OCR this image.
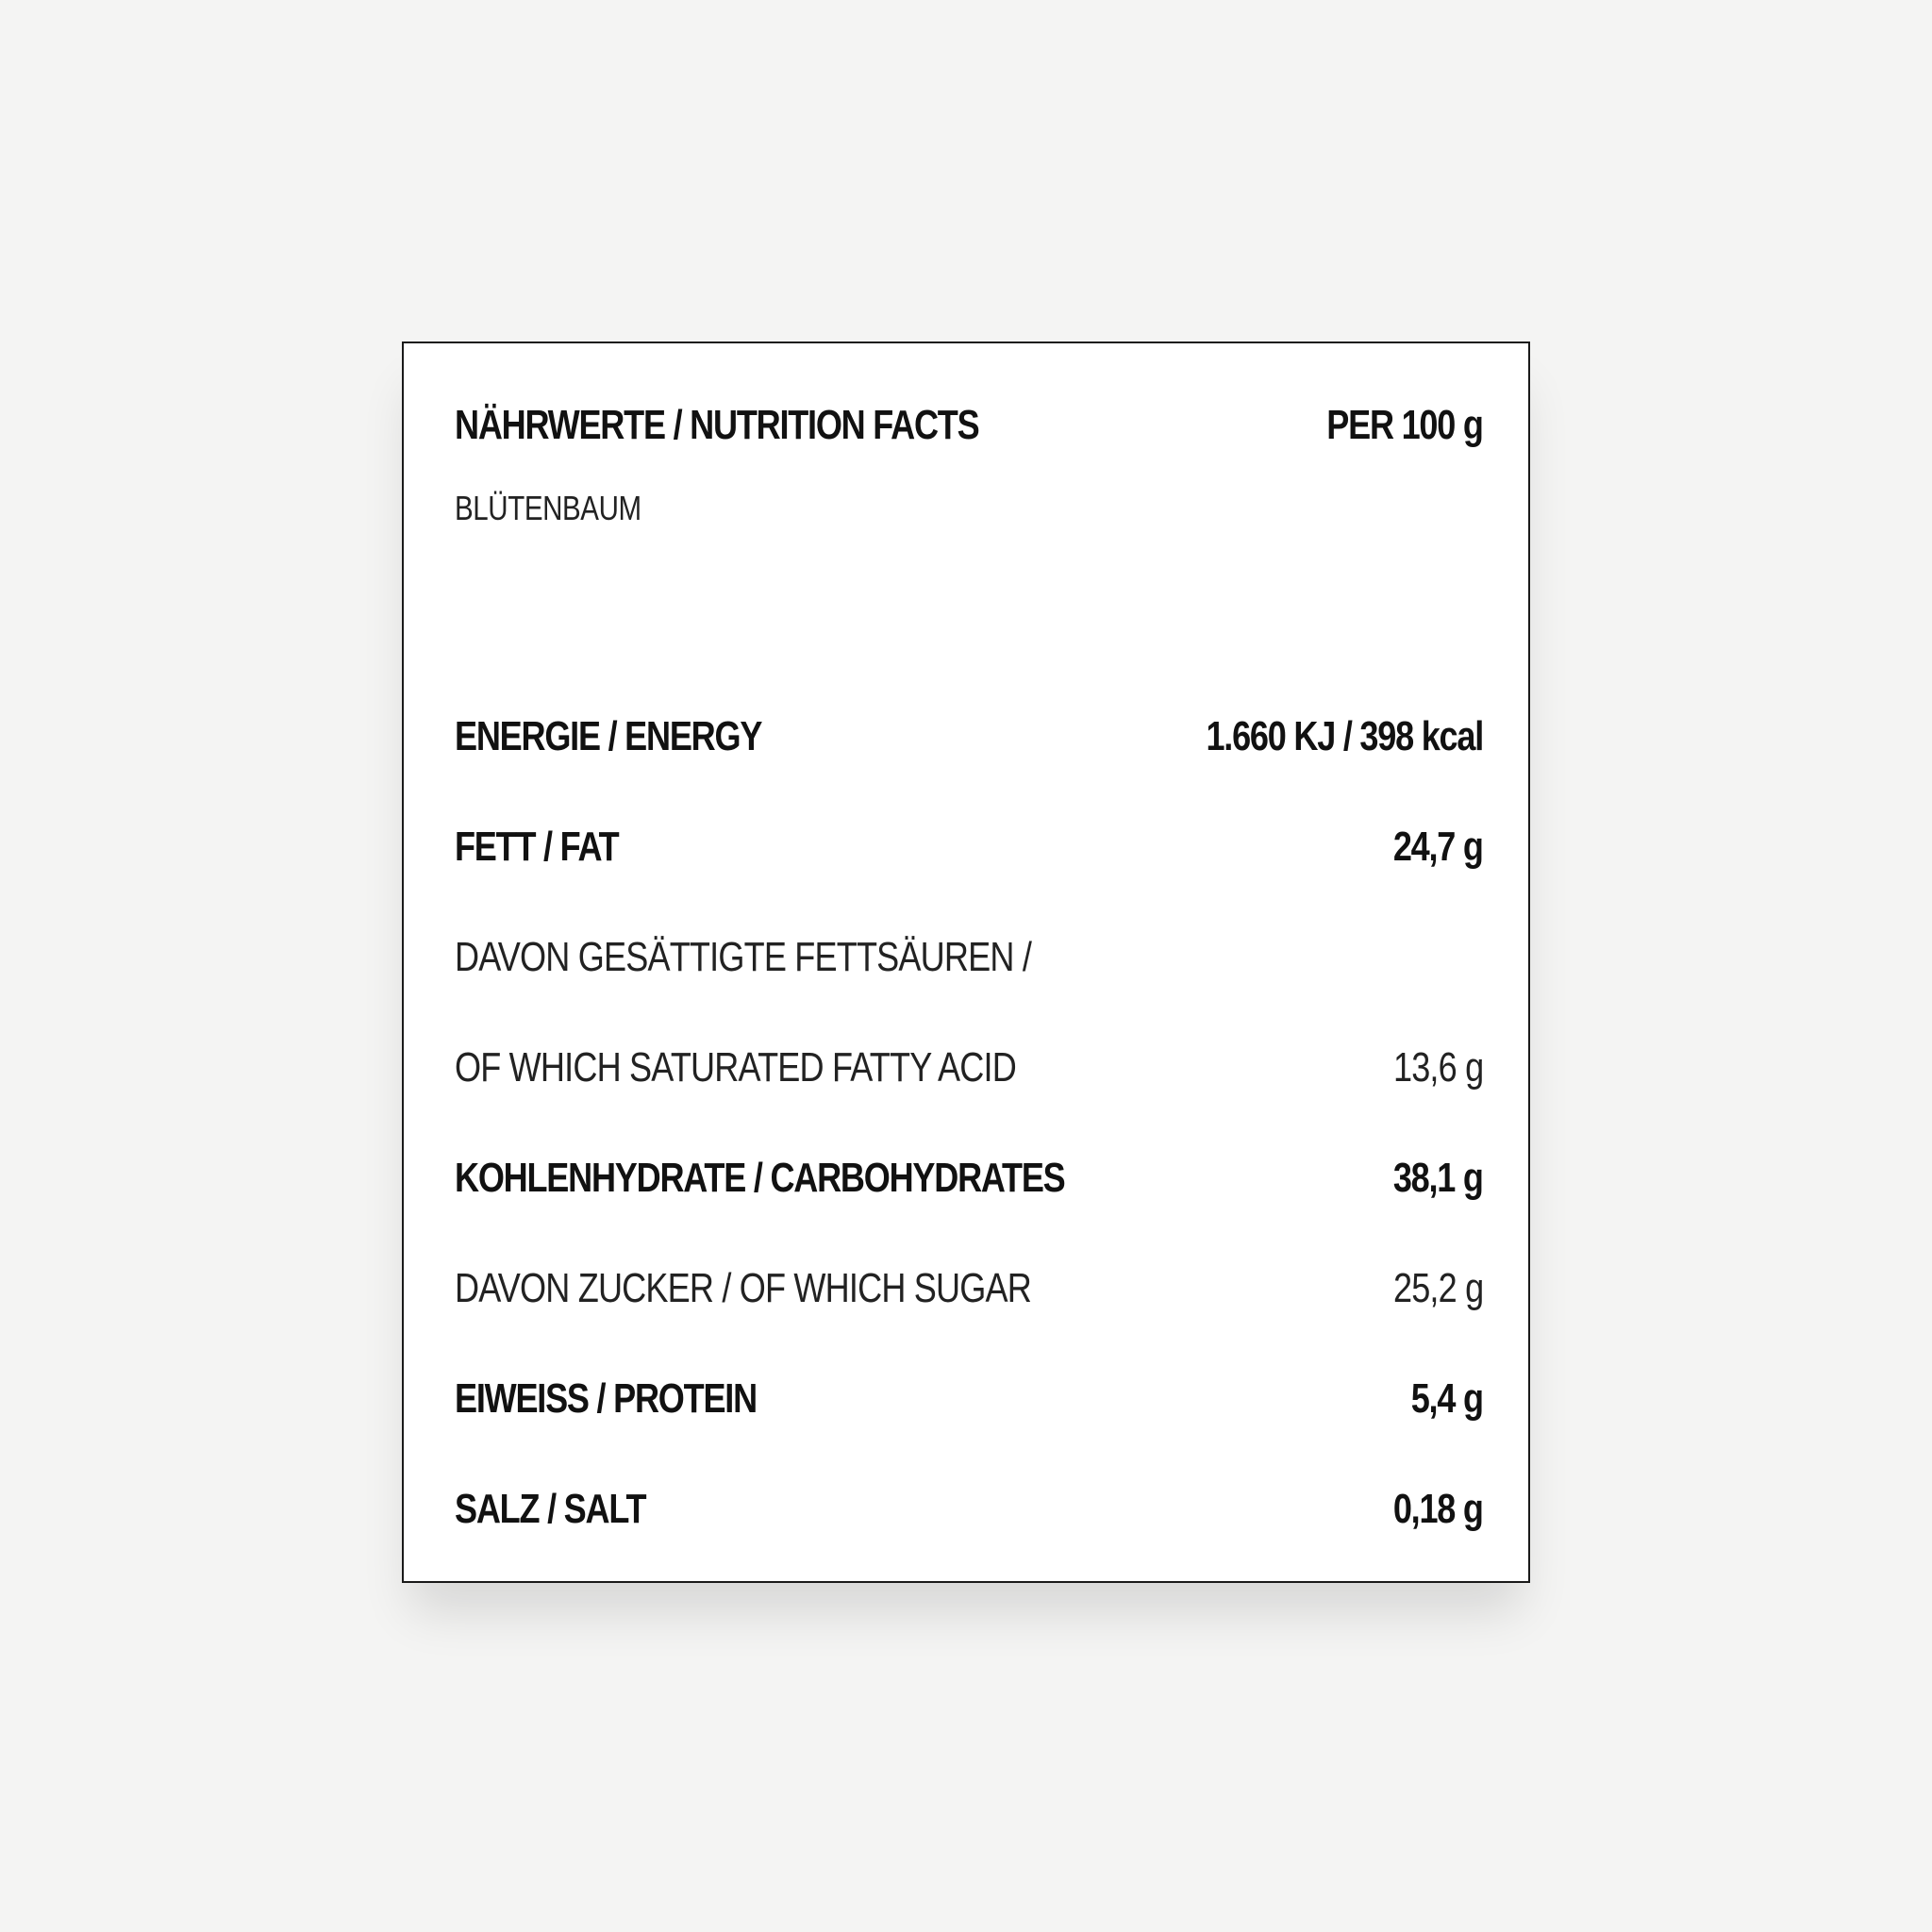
NÄHRWERTE / NUTRITION FACTS	PER 100 g
BLÜTENBAUM
ENERGIE / ENERGY	1.660 KJ / 398 kcal
FETT / FAT	24,7 g
DAVON GESÄTTIGTE FETTSÄUREN /
OF WHICH SATURATED FATTY ACID	13,6 g
KOHLENHYDRATE / CARBOHYDRATES	38,1 g
DAVON ZUCKER / OF WHICH SUGAR	25,2 g
EIWEISS / PROTEIN	5,4 g
SALZ / SALT	0,18 g
